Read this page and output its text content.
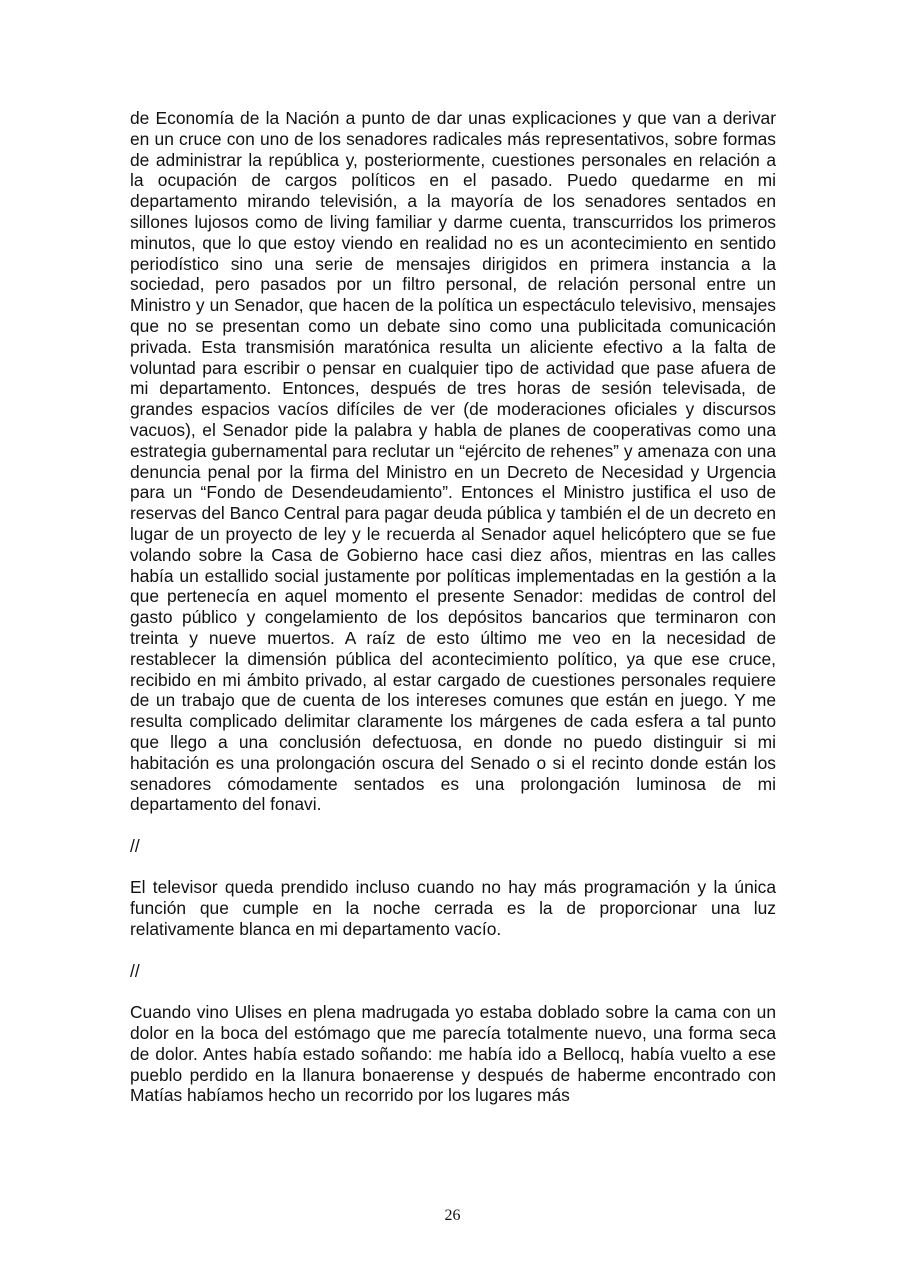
de Economía de la Nación a punto de dar unas explicaciones y que van a derivar en un cruce con uno de los senadores radicales más representativos, sobre formas de administrar la república y, posteriormente, cuestiones personales en relación a la ocupación de cargos políticos en el pasado. Puedo quedarme en mi departamento mirando televisión, a la mayoría de los senadores sentados en sillones lujosos como de living familiar y darme cuenta, transcurridos los primeros minutos, que lo que estoy viendo en realidad no es un acontecimiento en sentido periodístico sino una serie de mensajes dirigidos en primera instancia a la sociedad, pero pasados por un filtro personal, de relación personal entre un Ministro y un Senador, que hacen de la política un espectáculo televisivo, mensajes que no se presentan como un debate sino como una publicitada comunicación privada. Esta transmisión maratónica resulta un aliciente efectivo a la falta de voluntad para escribir o pensar en cualquier tipo de actividad que pase afuera de mi departamento. Entonces, después de tres horas de sesión televisada, de grandes espacios vacíos difíciles de ver (de moderaciones oficiales y discursos vacuos), el Senador pide la palabra y habla de planes de cooperativas como una estrategia gubernamental para reclutar un “ejército de rehenes” y amenaza con una denuncia penal por la firma del Ministro en un Decreto de Necesidad y Urgencia para un “Fondo de Desendeudamiento”. Entonces el Ministro justifica el uso de reservas del Banco Central para pagar deuda pública y también el de un decreto en lugar de un proyecto de ley y le recuerda al Senador aquel helicóptero que se fue volando sobre la Casa de Gobierno hace casi diez años, mientras en las calles había un estallido social justamente por políticas implementadas en la gestión a la que pertenecía en aquel momento el presente Senador: medidas de control del gasto público y congelamiento de los depósitos bancarios que terminaron con treinta y nueve muertos. A raíz de esto último me veo en la necesidad de restablecer la dimensión pública del acontecimiento político, ya que ese cruce, recibido en mi ámbito privado, al estar cargado de cuestiones personales requiere de un trabajo que de cuenta de los intereses comunes que están en juego. Y me resulta complicado delimitar claramente los márgenes de cada esfera a tal punto que llego a una conclusión defectuosa, en donde no puedo distinguir si mi habitación es una prolongación oscura del Senado o si el recinto donde están los senadores cómodamente sentados es una prolongación luminosa de mi departamento del fonavi.

//

El televisor queda prendido incluso cuando no hay más programación y la única función que cumple en la noche cerrada es la de proporcionar una luz relativamente blanca en mi departamento vacío.

//

Cuando vino Ulises en plena madrugada yo estaba doblado sobre la cama con un dolor en la boca del estómago que me parecía totalmente nuevo, una forma seca de dolor. Antes había estado soñando: me había ido a Bellocq, había vuelto a ese pueblo perdido en la llanura bonaerense y después de haberme encontrado con Matías habíamos hecho un recorrido por los lugares más

26
